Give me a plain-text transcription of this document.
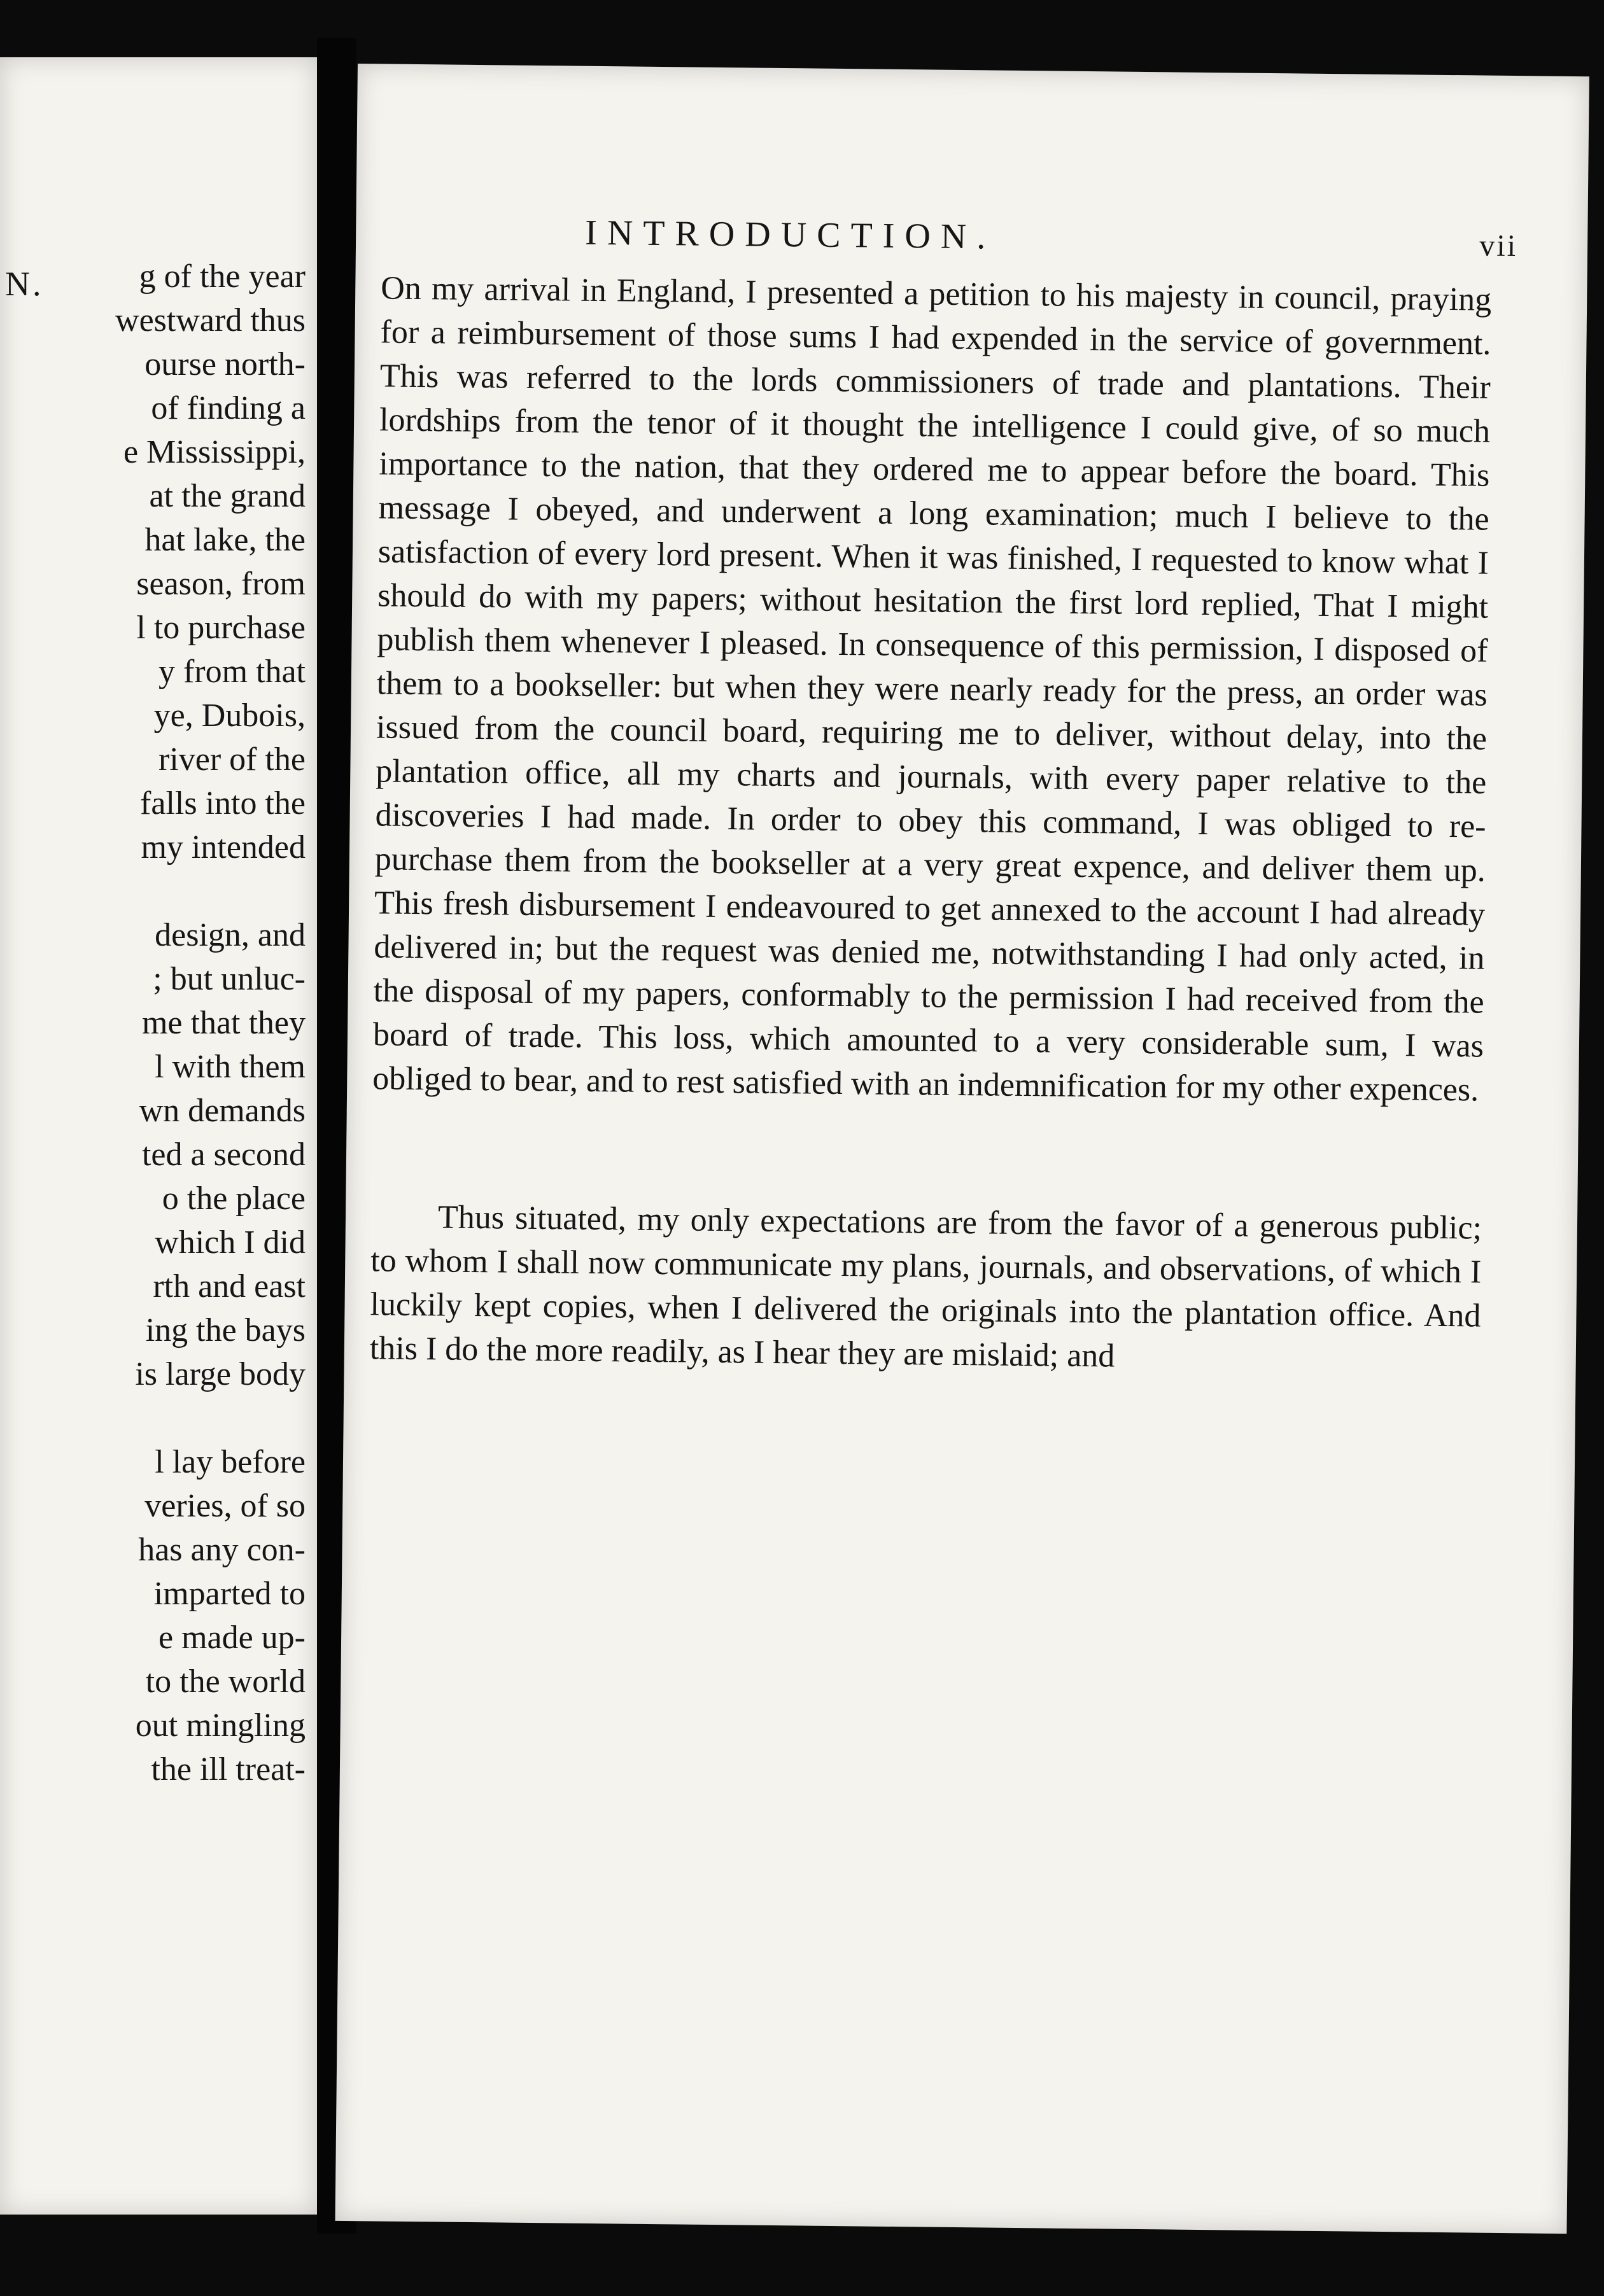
N.	g of the year
westward thus
ourse north-
of finding a
e Mississippi,
at the grand
hat lake, the
season, from
l to purchase
y from that
ye, Dubois,
river of the
falls into the
my intended
design, and
; but unluc-
me that they
l with them
wn demands
ted a second
o the place
which I did
rth and east
ing the bays
is large body
l lay before
veries, of so
has any con-
imparted to
e made up-
to the world
out mingling
the ill treat-
INTRODUCTION.	vii

On my arrival in England, I presented a petition to his majesty in council, praying for a reimbursement of those sums I had expended in the service of government. This was referred to the lords commissioners of trade and plantations. Their lordships from the tenor of it thought the intelligence I could give, of so much importance to the nation, that they ordered me to appear before the board. This message I obeyed, and underwent a long examination; much I believe to the satisfaction of every lord present. When it was finished, I requested to know what I should do with my papers; without hesitation the first lord replied, That I might publish them whenever I pleased. In consequence of this permission, I disposed of them to a bookseller: but when they were nearly ready for the press, an order was issued from the council board, requiring me to deliver, without delay, into the plantation office, all my charts and journals, with every paper relative to the discoveries I had made. In order to obey this command, I was obliged to re-purchase them from the bookseller at a very great expence, and deliver them up. This fresh disbursement I endeavoured to get annexed to the account I had already delivered in; but the request was denied me, notwithstanding I had only acted, in the disposal of my papers, conformably to the permission I had received from the board of trade. This loss, which amounted to a very considerable sum, I was obliged to bear, and to rest satisfied with an indemnification for my other expences.

Thus situated, my only expectations are from the favor of a generous public; to whom I shall now communicate my plans, journals, and observations, of which I luckily kept copies, when I delivered the originals into the plantation office. And this I do the more readily, as I hear they are mislaid; and
